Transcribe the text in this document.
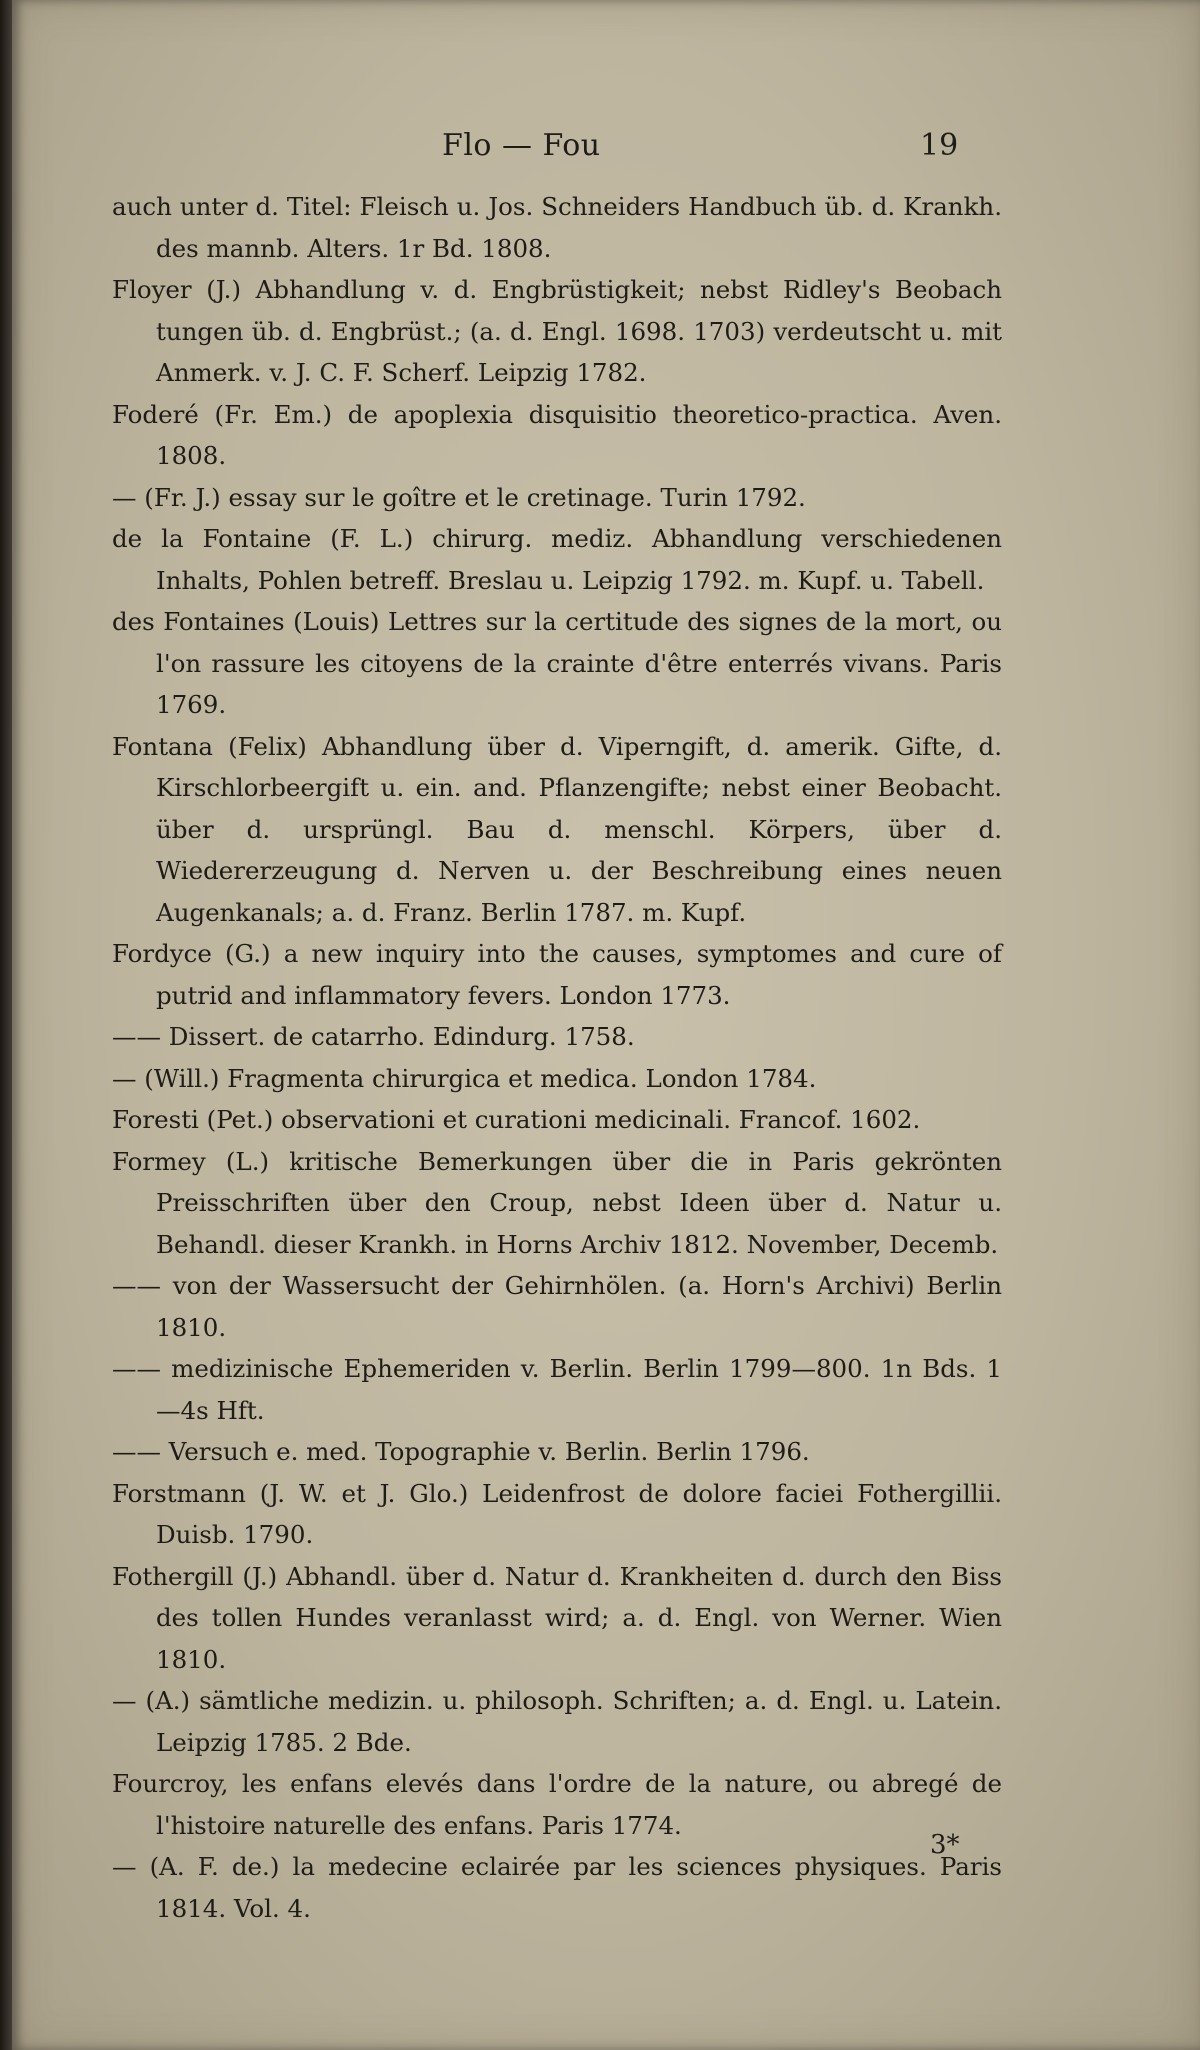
Flo — Fou	19

auch unter d. Titel: Fleisch u. Jos. Schneiders Handbuch üb. d. Krankh. des mannb. Alters. 1r Bd. 1808.

Floyer (J.) Abhandlung v. d. Engbrüstigkeit; nebst Ridley's Beobach tungen üb. d. Engbrüst.; (a. d. Engl. 1698. 1703) verdeutscht u. mit Anmerk. v. J. C. F. Scherf. Leipzig 1782.

Foderé (Fr. Em.) de apoplexia disquisitio theoretico-practica. Aven. 1808.

— (Fr. J.) essay sur le goître et le cretinage. Turin 1792.

de la Fontaine (F. L.) chirurg. mediz. Abhandlung verschiedenen Inhalts, Pohlen betreff. Breslau u. Leipzig 1792. m. Kupf. u. Tabell.

des Fontaines (Louis) Lettres sur la certitude des signes de la mort, ou l'on rassure les citoyens de la crainte d'être enterrés vivans. Paris 1769.

Fontana (Felix) Abhandlung über d. Viperngift, d. amerik. Gifte, d. Kirschlorbeergift u. ein. and. Pflanzengifte; nebst einer Beobacht. über d. ursprüngl. Bau d. menschl. Körpers, über d. Wiedererzeugung d. Nerven u. der Beschreibung eines neuen Augenkanals; a. d. Franz. Berlin 1787. m. Kupf.

Fordyce (G.) a new inquiry into the causes, symptomes and cure of putrid and inflammatory fevers. London 1773.

—— Dissert. de catarrho. Edindurg. 1758.

— (Will.) Fragmenta chirurgica et medica. London 1784.

Foresti (Pet.) observationi et curationi medicinali. Francof. 1602.

Formey (L.) kritische Bemerkungen über die in Paris gekrönten Preisschriften über den Croup, nebst Ideen über d. Natur u. Behandl. dieser Krankh. in Horns Archiv 1812. November, Decemb.

—— von der Wassersucht der Gehirnhölen. (a. Horn's Archivi) Berlin 1810.

—— medizinische Ephemeriden v. Berlin. Berlin 1799—800. 1n Bds. 1—4s Hft.

—— Versuch e. med. Topographie v. Berlin. Berlin 1796.

Forstmann (J. W. et J. Glo.) Leidenfrost de dolore faciei Fothergillii. Duisb. 1790.

Fothergill (J.) Abhandl. über d. Natur d. Krankheiten d. durch den Biss des tollen Hundes veranlasst wird; a. d. Engl. von Werner. Wien 1810.

— (A.) sämtliche medizin. u. philosoph. Schriften; a. d. Engl. u. Latein. Leipzig 1785. 2 Bde.

Fourcroy, les enfans elevés dans l'ordre de la nature, ou abregé de l'histoire naturelle des enfans. Paris 1774.

— (A. F. de.) la medecine eclairée par les sciences physiques. Paris 1814. Vol. 4.

3*
